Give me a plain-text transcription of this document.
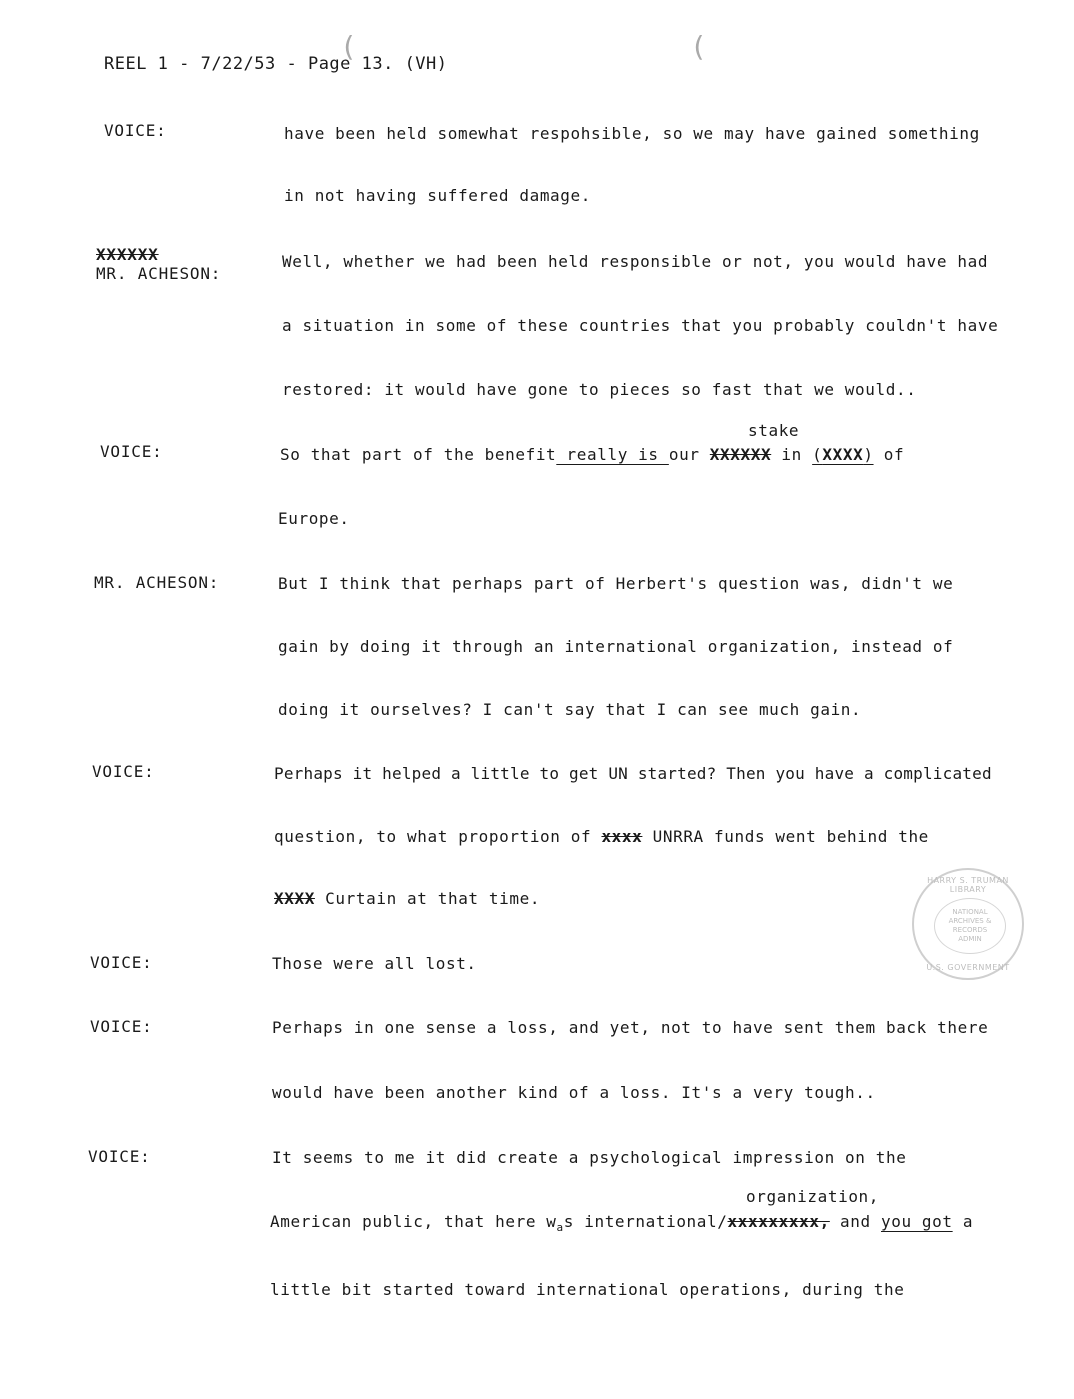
(	(
REEL 1 - 7/22/53 - Page 13. (VH)
VOICE:	have been held somewhat respohsible, so we may have gained something
in not having suffered damage.
XXXXXX
MR. ACHESON:
Well, whether we had been held responsible or not, you would have had
a situation in some of these countries that you probably couldn't have
restored: it would have gone to pieces so fast that we would..
VOICE:
stake
So that part of the benefit really is our XXXXXX in (XXXX) of
Europe.
MR. ACHESON:	But I think that perhaps part of Herbert's question was, didn't we
gain by doing it through an international organization, instead of
doing it ourselves? I can't say that I can see much gain.
VOICE:	Perhaps it helped a little to get UN started? Then you have a complicated
question, to what proportion of xxxx UNRRA funds went behind the
XXXX Curtain at that time.
VOICE:	Those were all lost.
VOICE:	Perhaps in one sense a loss, and yet, not to have sent them back there
would have been another kind of a loss. It's a very tough..
VOICE:	It seems to me it did create a psychological impression on the
organization,
American public, that here $w_as$ international/xxxxxxxxx, and you got a
little bit started toward international operations, during the
HARRY S. TRUMAN LIBRARY
NATIONAL
ARCHIVES &
RECORDS
ADMIN
U.S. GOVERNMENT
